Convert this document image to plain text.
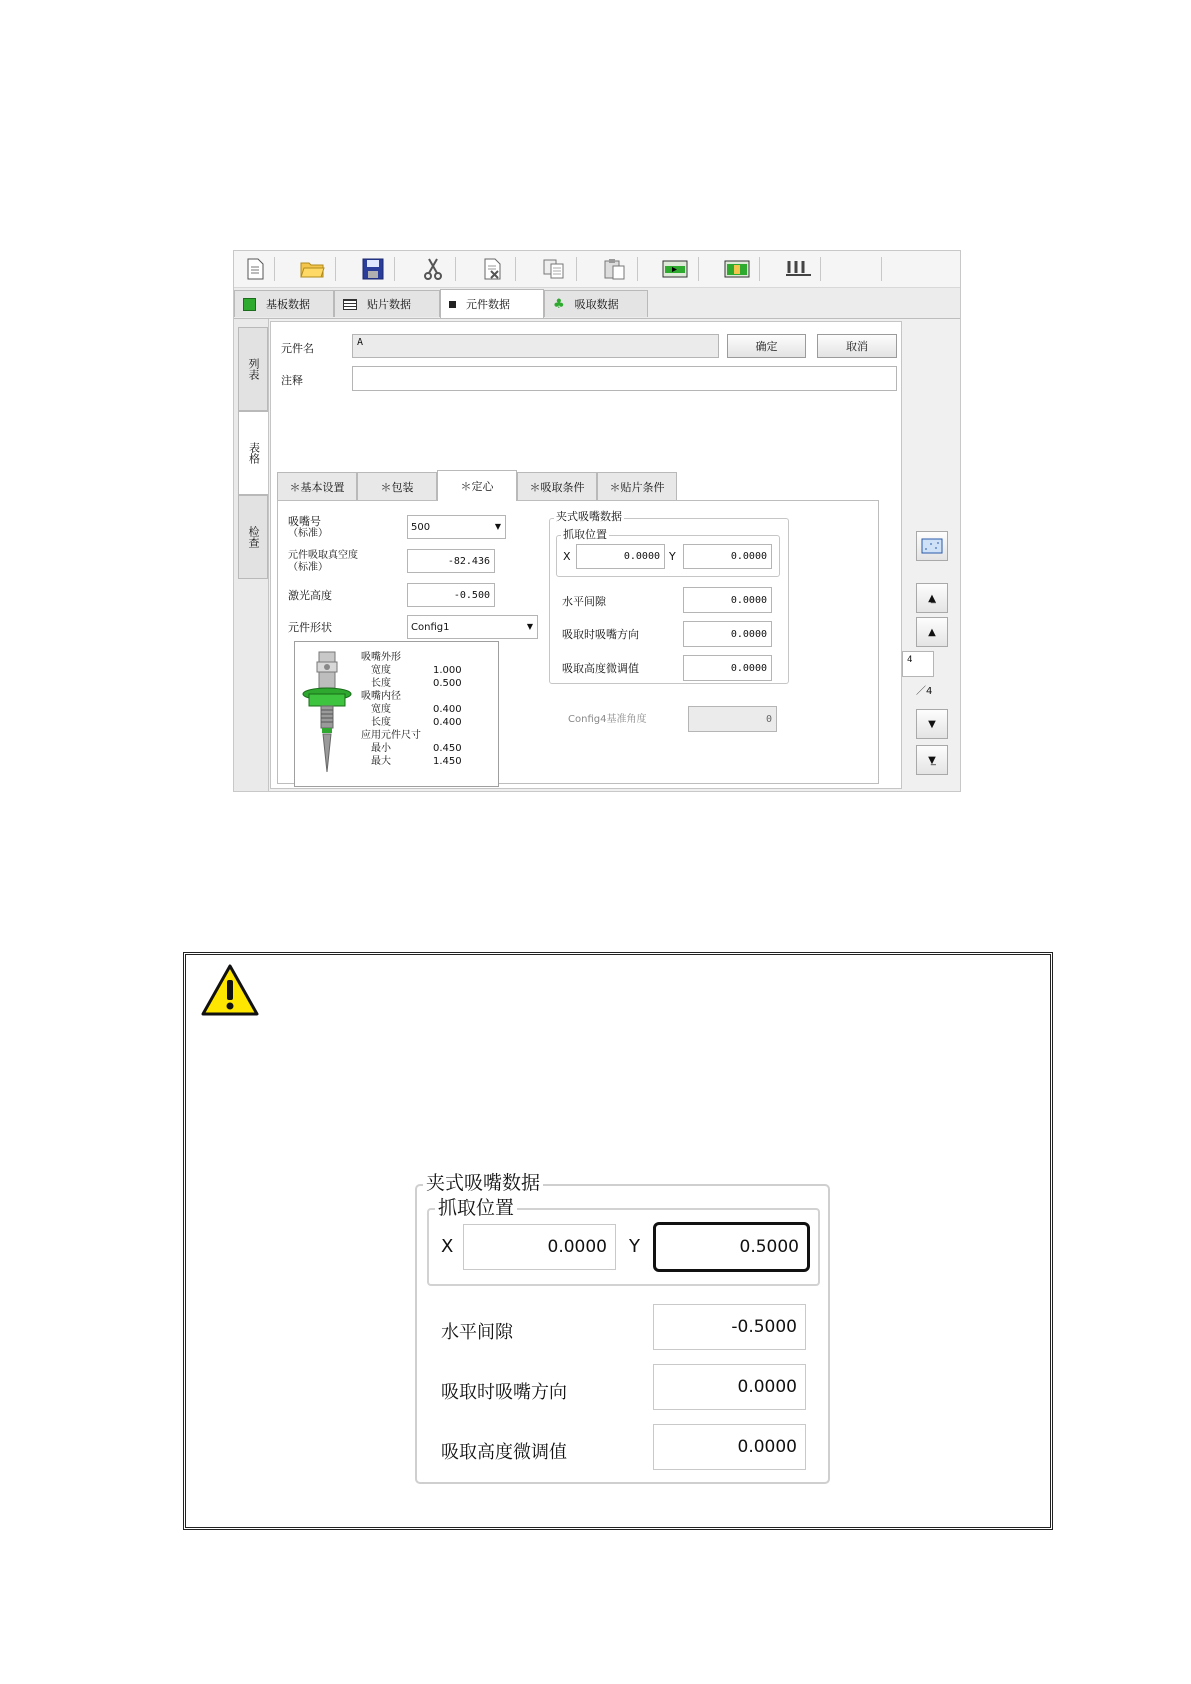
基板数据	贴片数据	元件数据	♣ 吸取数据
列表
表格
检查
元件名	A	确定	取消
注释
＊基本设置	＊包装	＊定心	＊吸取条件	＊贴片条件
吸嘴号
（标准）
500	▼
元件吸取真空度
（标准）
-82.436
激光高度	-0.500
元件形状	Config1	▼
吸嘴外形
宽度	1.000
长度	0.500
吸嘴内径
宽度	0.400
长度	0.400
应用元件尺寸
最小	0.450
最大	1.450
夹式吸嘴数据
抓取位置
X	0.0000 Y	0.0000
水平间隙	0.0000
吸取时吸嘴方向	0.0000
吸取高度微调值	0.0000
Config4基准角度	0
▲̲
▲
4
／4
▼
▼̲
夹式吸嘴数据
抓取位置
X	0.0000	Y	0.5000
水平间隙	-0.5000
吸取时吸嘴方向	0.0000
吸取高度微调值	0.0000
